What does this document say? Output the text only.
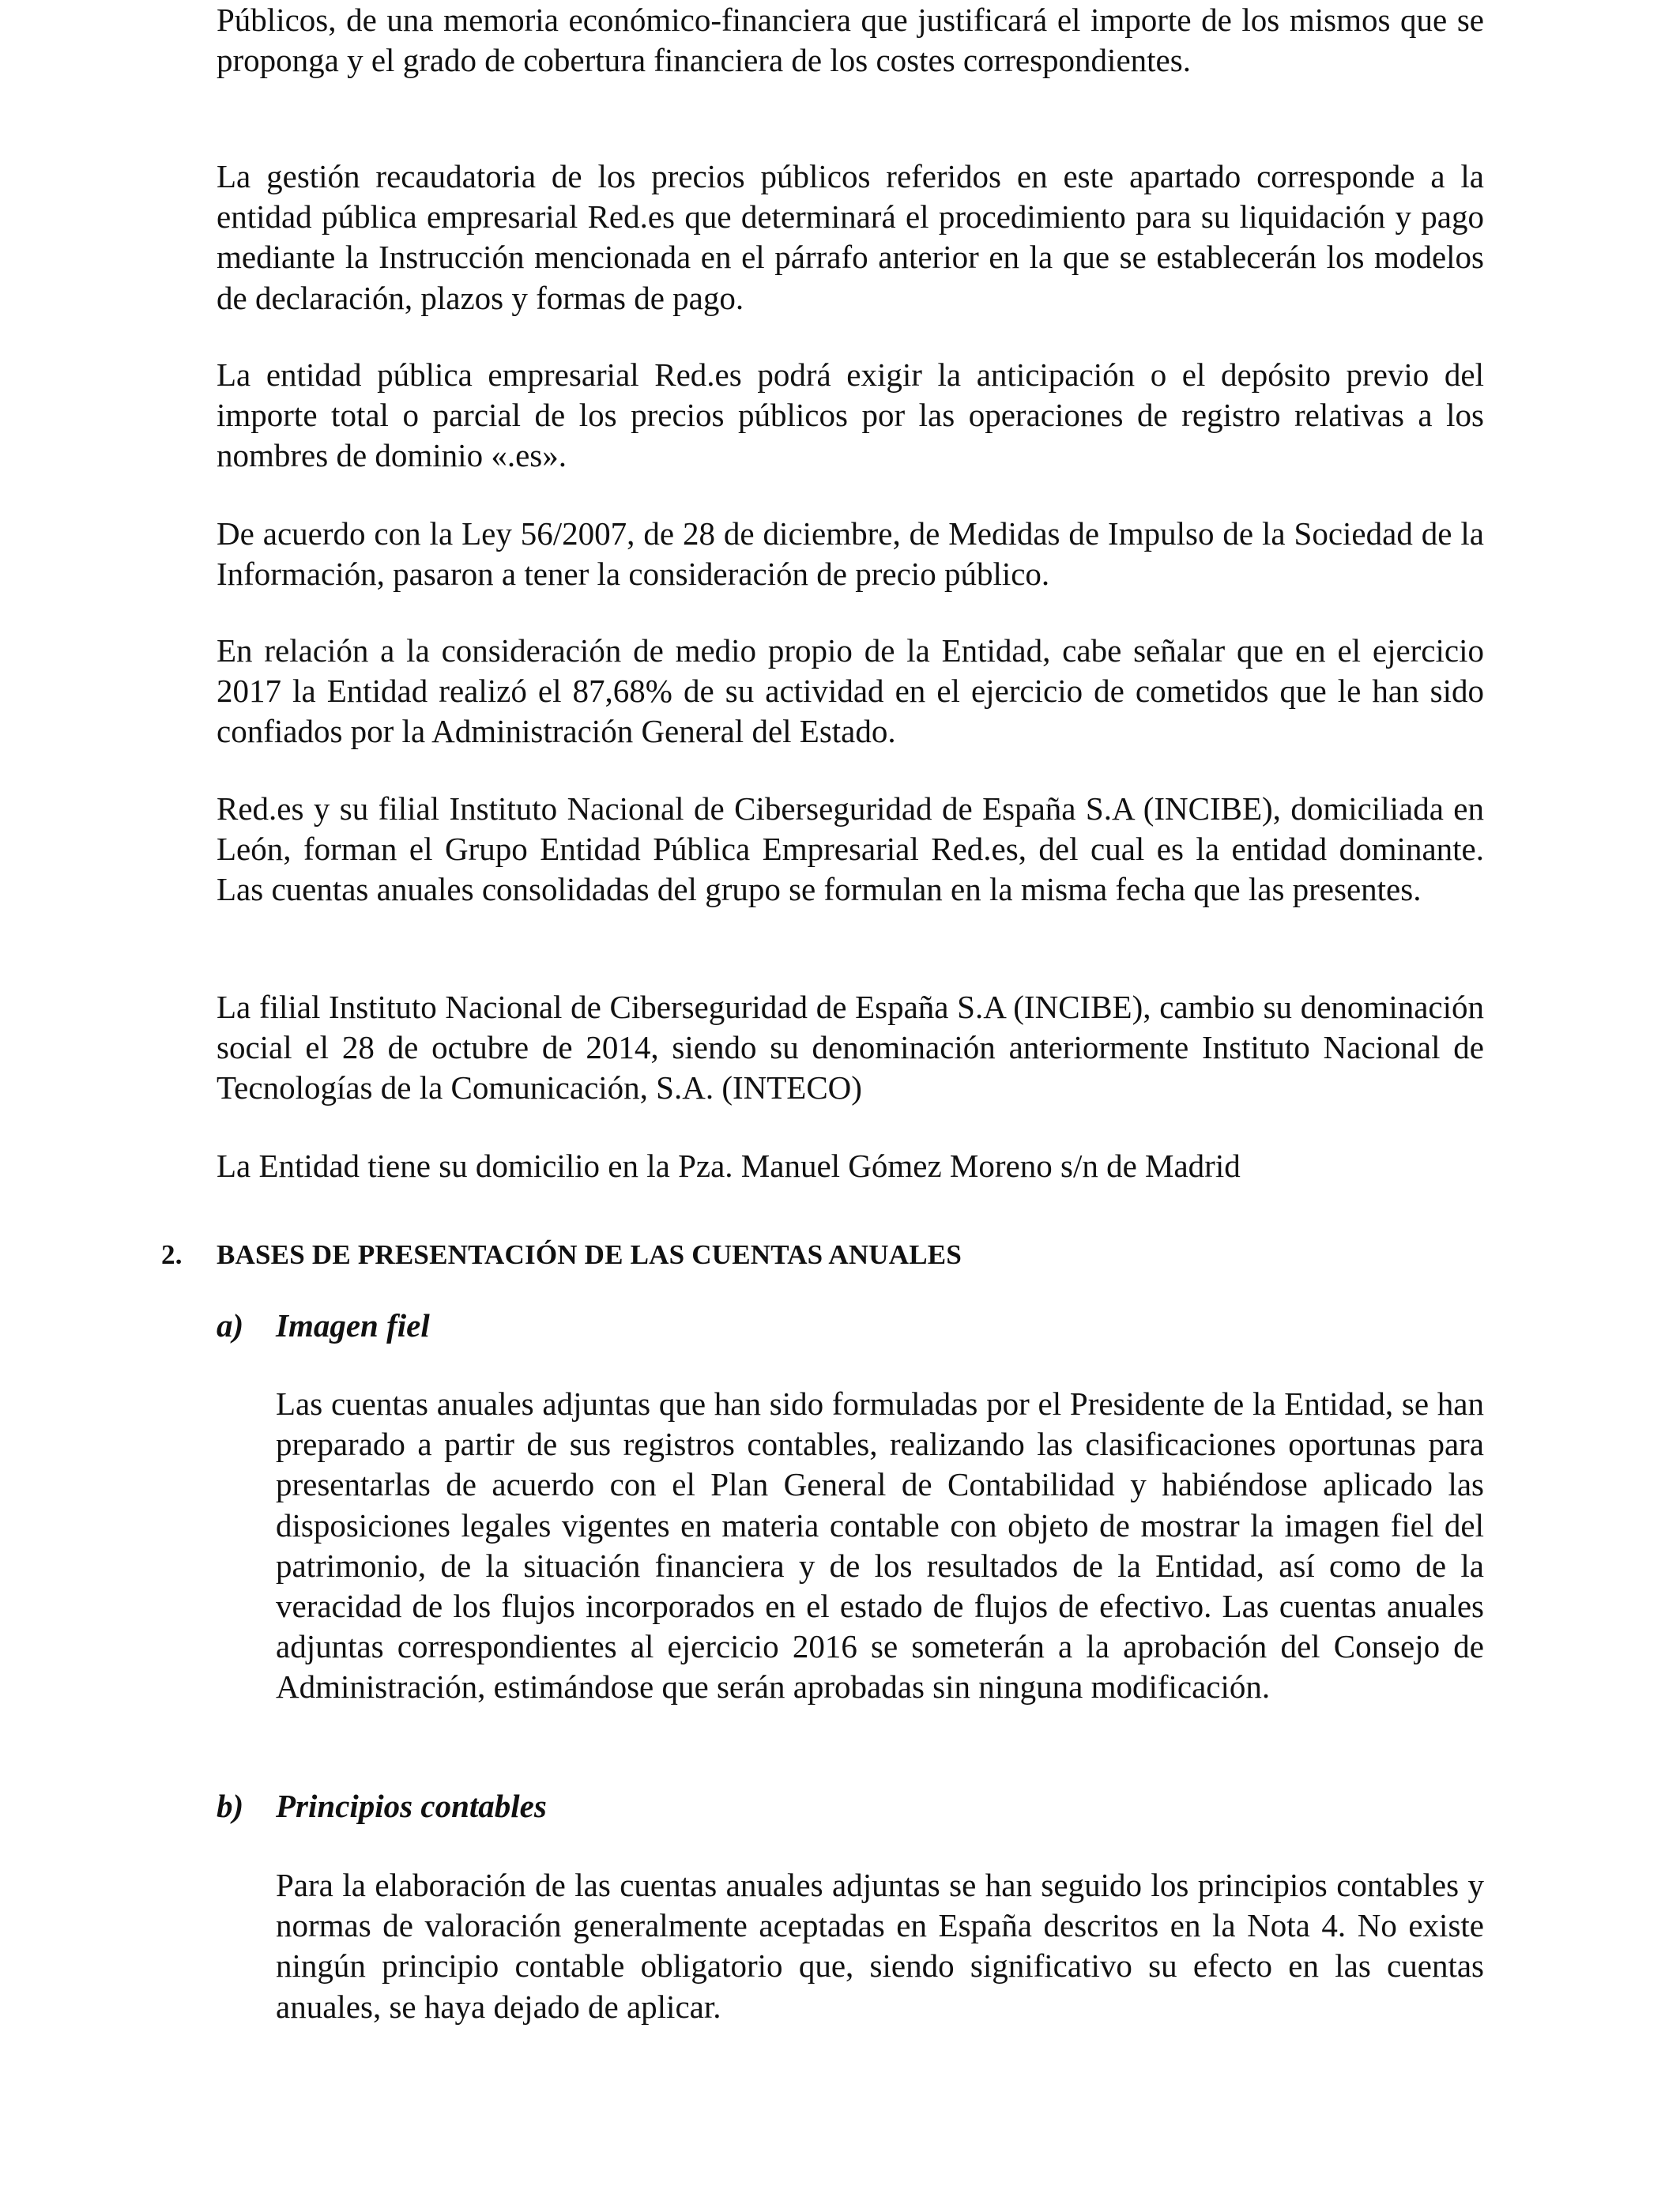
Públicos, de una memoria económico-financiera que justificará el importe de los mismos que se proponga y el grado de cobertura financiera de los costes correspondientes.

La gestión recaudatoria de los precios públicos referidos en este apartado corresponde a la entidad pública empresarial Red.es que determinará el procedimiento para su liquidación y pago mediante la Instrucción mencionada en el párrafo anterior en la que se establecerán los modelos de declaración, plazos y formas de pago.

La entidad pública empresarial Red.es podrá exigir la anticipación o el depósito previo del importe total o parcial de los precios públicos por las operaciones de registro relativas a los nombres de dominio «.es».

De acuerdo con la Ley 56/2007, de 28 de diciembre, de Medidas de Impulso de la Sociedad de la Información, pasaron a tener la consideración de precio público.

En relación a la consideración de medio propio de la Entidad, cabe señalar que en el ejercicio 2017 la Entidad realizó el 87,68% de su actividad en el ejercicio de cometidos que le han sido confiados por la Administración General del Estado.

Red.es y su filial Instituto Nacional de Ciberseguridad de España S.A (INCIBE), domiciliada en León, forman el Grupo Entidad Pública Empresarial Red.es, del cual es la entidad dominante. Las cuentas anuales consolidadas del grupo se formulan en la misma fecha que las presentes.

La filial Instituto Nacional de Ciberseguridad de España S.A (INCIBE), cambio su denominación social el 28 de octubre de 2014, siendo su denominación anteriormente Instituto Nacional de Tecnologías de la Comunicación, S.A. (INTECO)

La Entidad tiene su domicilio en la Pza. Manuel Gómez Moreno s/n de Madrid

2. BASES DE PRESENTACIÓN DE LAS CUENTAS ANUALES
a) Imagen fiel

Las cuentas anuales adjuntas que han sido formuladas por el Presidente de la Entidad, se han preparado a partir de sus registros contables, realizando las clasificaciones oportunas para presentarlas de acuerdo con el Plan General de Contabilidad y habiéndose aplicado las disposiciones legales vigentes en materia contable con objeto de mostrar la imagen fiel del patrimonio, de la situación financiera y de los resultados de la Entidad, así como de la veracidad de los flujos incorporados en el estado de flujos de efectivo. Las cuentas anuales adjuntas correspondientes al ejercicio 2016 se someterán a la aprobación del Consejo de Administración, estimándose que serán aprobadas sin ninguna modificación.

b) Principios contables

Para la elaboración de las cuentas anuales adjuntas se han seguido los principios contables y normas de valoración generalmente aceptadas en España descritos en la Nota 4. No existe ningún principio contable obligatorio que, siendo significativo su efecto en las cuentas anuales, se haya dejado de aplicar.
